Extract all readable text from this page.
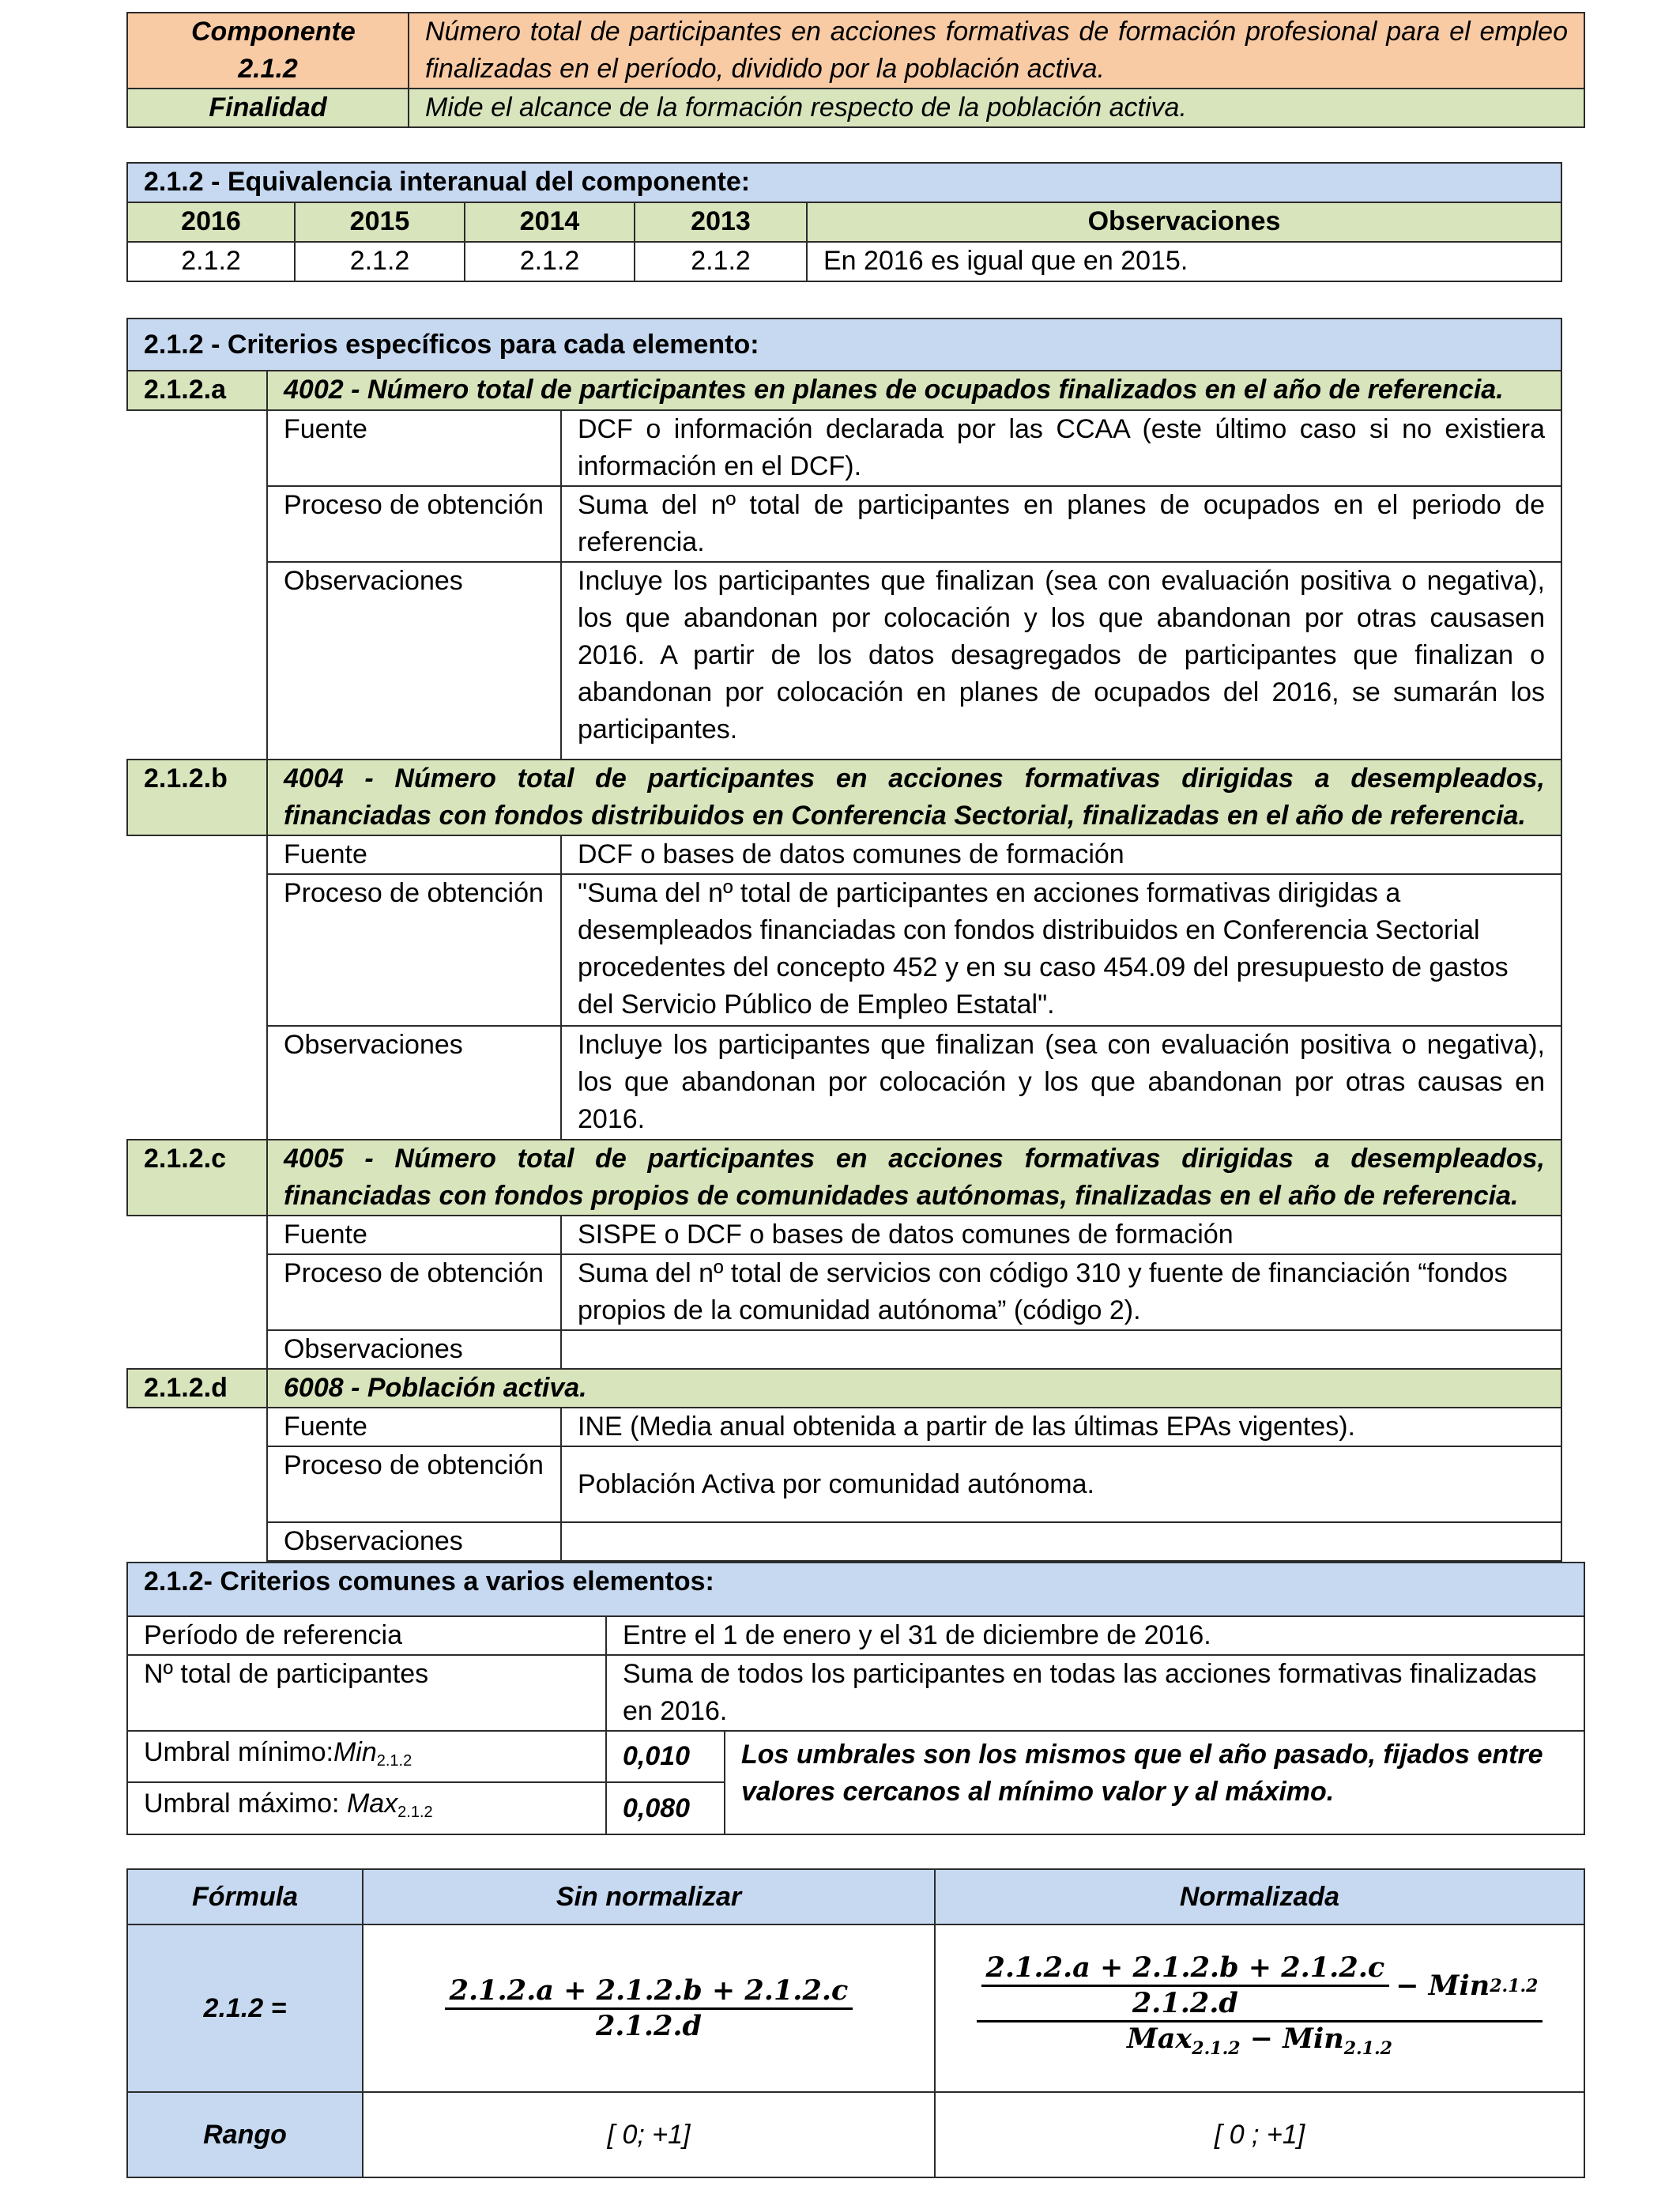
Componente 2.1.2	Número total de participantes en acciones formativas de formación profesional para el empleo finalizadas en el período, dividido por la población activa.
Finalidad	Mide el alcance de la formación respecto de la población activa.
2.1.2 - Equivalencia interanual del componente:				
2016	2015	2014	2013	Observaciones
2.1.2	2.1.2	2.1.2	2.1.2	En 2016 es igual que en 2015.
2.1.2 - Criterios específicos para cada elemento:		
2.1.2.a	4002 - Número total de participantes en planes de ocupados finalizados en el año de referencia.	
	Fuente	DCF o información declarada por las CCAA (este último caso si no existiera información en el DCF).
	Proceso de obtención	Suma del nº total de participantes en planes de ocupados en el periodo de referencia.
	Observaciones	Incluye los participantes que finalizan (sea con evaluación positiva o negativa), los que abandonan por colocación y los que abandonan por otras causasen 2016. A partir de los datos desagregados de participantes que finalizan o abandonan por colocación en planes de ocupados del 2016, se sumarán los participantes.
2.1.2.b	4004 - Número total de participantes en acciones formativas dirigidas a desempleados, financiadas con fondos distribuidos en Conferencia Sectorial, finalizadas en el año de referencia.	
	Fuente	DCF o bases de datos comunes de formación
	Proceso de obtención	"Suma del nº total de participantes en acciones formativas dirigidas a desempleados financiadas con fondos distribuidos en Conferencia Sectorial procedentes del concepto 452 y en su caso 454.09 del presupuesto de gastos del Servicio Público de Empleo Estatal".
	Observaciones	Incluye los participantes que finalizan (sea con evaluación positiva o negativa), los que abandonan por colocación y los que abandonan por otras causas en 2016.
2.1.2.c	4005 - Número total de participantes en acciones formativas dirigidas a desempleados, financiadas con fondos propios de comunidades autónomas, finalizadas en el año de referencia.	
	Fuente	SISPE o DCF o bases de datos comunes de formación
	Proceso de obtención	Suma del nº total de servicios con código 310 y fuente de financiación “fondos propios de la comunidad autónoma” (código 2).
	Observaciones	
2.1.2.d	6008 - Población activa.	
	Fuente	INE (Media anual obtenida a partir de las últimas EPAs vigentes).
	Proceso de obtención	Población Activa por comunidad autónoma.
	Observaciones	
2.1.2- Criterios comunes a varios elementos:		
Período de referencia	Entre el 1 de enero y el 31 de diciembre de 2016.	
Nº total de participantes	Suma de todos los participantes en todas las acciones formativas finalizadas en 2016.	
Umbral mínimo:Min2.1.2	0,010	Los umbrales son los mismos que el año pasado, fijados entre valores cercanos al mínimo valor y al máximo.
Umbral máximo: Max2.1.2	0,080	
Fórmula	Sin normalizar	Normalizada
2.1.2 =	$\frac{2.1.2.a + 2.1.2.b + 2.1.2.c}{2.1.2.d}$	$\frac{2.1.2.a + 2.1.2.b + 2.1.2.c}{2.1.2.d}$ − Min 2.1.2
Max$_{2.1.2}$ − Min$_{2.1.2}$

Rango	[ 0; +1]	[ 0 ; +1]
